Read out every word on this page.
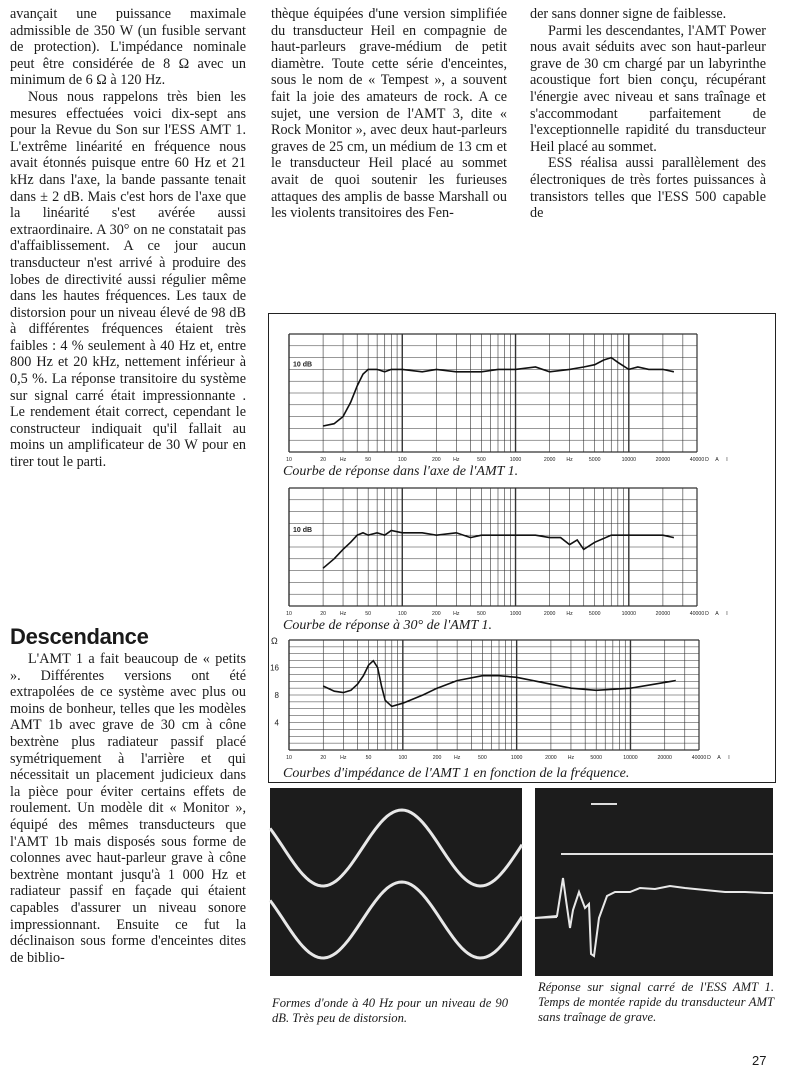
avançait une puissance maximale admissible de 350 W (un fusible servant de protection). L'impédance nominale peut être considérée de 8 Ω avec un minimum de 6 Ω à 120 Hz.

Nous nous rappelons très bien les mesures effectuées voici dix-sept ans pour la Revue du Son sur l'ESS AMT 1. L'extrême linéarité en fréquence nous avait étonnés puisque entre 60 Hz et 21 kHz dans l'axe, la bande passante tenait dans ± 2 dB. Mais c'est hors de l'axe que la linéarité s'est avérée aussi extraordinaire. A 30° on ne constatait pas d'affaiblissement. A ce jour aucun transducteur n'est arrivé à produire des lobes de directivité aussi régulier même dans les hautes fréquences. Les taux de distorsion pour un niveau élevé de 98 dB à différentes fréquences étaient très faibles : 4 % seulement à 40 Hz et, entre 800 Hz et 20 kHz, nettement inférieur à 0,5 %. La réponse transitoire du système sur signal carré était impressionnante . Le rendement était correct, cependant le constructeur indiquait qu'il fallait au moins un amplificateur de 30 W pour en tirer tout le parti.

Descendance

L'AMT 1 a fait beaucoup de « petits ». Différentes versions ont été extrapolées de ce système avec plus ou moins de bonheur, telles que les modèles AMT 1b avec grave de 30 cm à cône bextrène plus radiateur passif placé symétriquement à l'arrière et qui nécessitait un placement judicieux dans la pièce pour éviter certains effets de roulement. Un modèle dit « Monitor », équipé des mêmes transducteurs que l'AMT 1b mais disposés sous forme de colonnes avec haut-parleur grave à cône bextrène montant jusqu'à 1 000 Hz et radiateur passif en façade qui étaient capables d'assurer un niveau sonore impressionnant. Ensuite ce fut la déclinaison sous forme d'enceintes dites de biblio-

thèque équipées d'une version simplifiée du transducteur Heil en compagnie de haut-parleurs grave-médium de petit diamètre. Toute cette série d'enceintes, sous le nom de « Tempest », a souvent fait la joie des amateurs de rock. A ce sujet, une version de l'AMT 3, dite « Rock Monitor », avec deux haut-parleurs graves de 25 cm, un médium de 13 cm et le transducteur Heil placé au sommet avait de quoi soutenir les furieuses attaques des amplis de basse Marshall ou les violents transitoires des Fen-

der sans donner signe de faiblesse.

Parmi les descendantes, l'AMT Power nous avait séduits avec son haut-parleur grave de 30 cm chargé par un labyrinthe acoustique fort bien conçu, récupérant l'énergie avec niveau et sans traînage et s'accommodant parfaitement de l'exceptionnelle rapidité du transducteur Heil placé au sommet.

ESS réalisa aussi parallèlement des électroniques de très fortes puissances à transistors telles que l'ESS 500 capable de

10	20	Hz	50	100	200 Hz	500	1000	2000 Hz	5000	10000	20000	40000 D A I
10 dB
Courbe de réponse dans l'axe de l'AMT 1.
10	20	Hz	50	100	200 Hz	500	1000	2000 Hz	5000	10000	20000	40000 D A I
10 dB
Courbe de réponse à 30° de l'AMT 1.
10	20	Hz	50	100	200 Hz	500	1000	2000 Hz	5000	10000	20000	40000 D A I
4
8
16
Ω
Courbes d'impédance de l'AMT 1 en fonction de la fréquence.
Formes d'onde à 40 Hz pour un niveau de 90 dB. Très peu de distorsion.
Réponse sur signal carré de l'ESS AMT 1. Temps de montée rapide du transducteur AMT sans traînage de grave.
27
